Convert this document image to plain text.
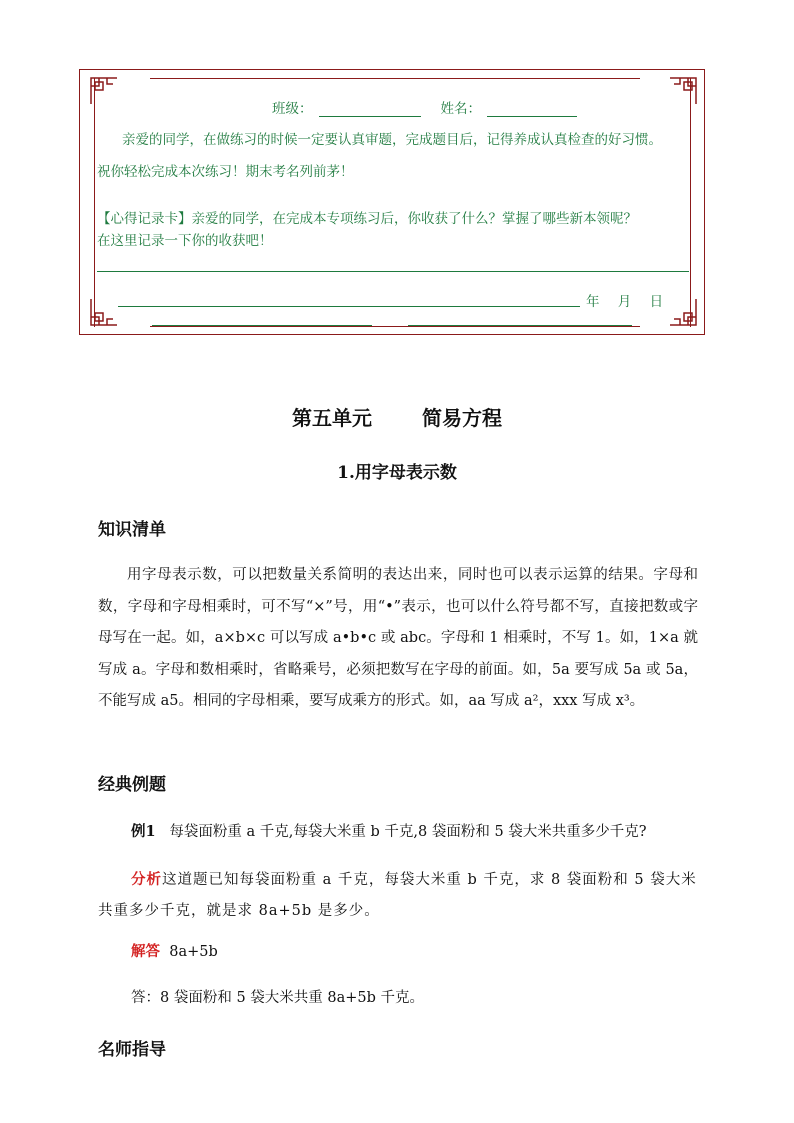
班级：	姓名：
亲爱的同学，在做练习的时候一定要认真审题，完成题目后，记得养成认真检查的好习惯。
祝你轻松完成本次练习！期末考名列前茅！
【心得记录卡】亲爱的同学，在完成本专项练习后，你收获了什么？掌握了哪些新本领呢？
在这里记录一下你的收获吧！
年 月 日
第五单元	简易方程
1.用字母表示数
知识清单

用字母表示数，可以把数量关系简明的表达出来，同时也可以表示运算的结果。字母和数，字母和字母相乘时，可不写“×”号，用“•”表示，也可以什么符号都不写，直接把数或字母写在一起。如，a×b×c 可以写成 a•b•c 或 abc。字母和 1 相乘时，不写 1。如，1×a 就写成 a。字母和数相乘时，省略乘号，必须把数写在字母的前面。如，5a 要写成 5a 或 5a，不能写成 a5。相同的字母相乘，要写成乘方的形式。如，aa 写成 a²，xxx 写成 x³。

经典例题
例1 每袋面粉重 a 千克,每袋大米重 b 千克,8 袋面粉和 5 袋大米共重多少千克?
分析这道题已知每袋面粉重 a 千克，每袋大米重 b 千克，求 8 袋面粉和 5 袋大米共重多少千克，就是求 8a+5b 是多少。
解答 8a+5b
答：8 袋面粉和 5 袋大米共重 8a+5b 千克。
名师指导
